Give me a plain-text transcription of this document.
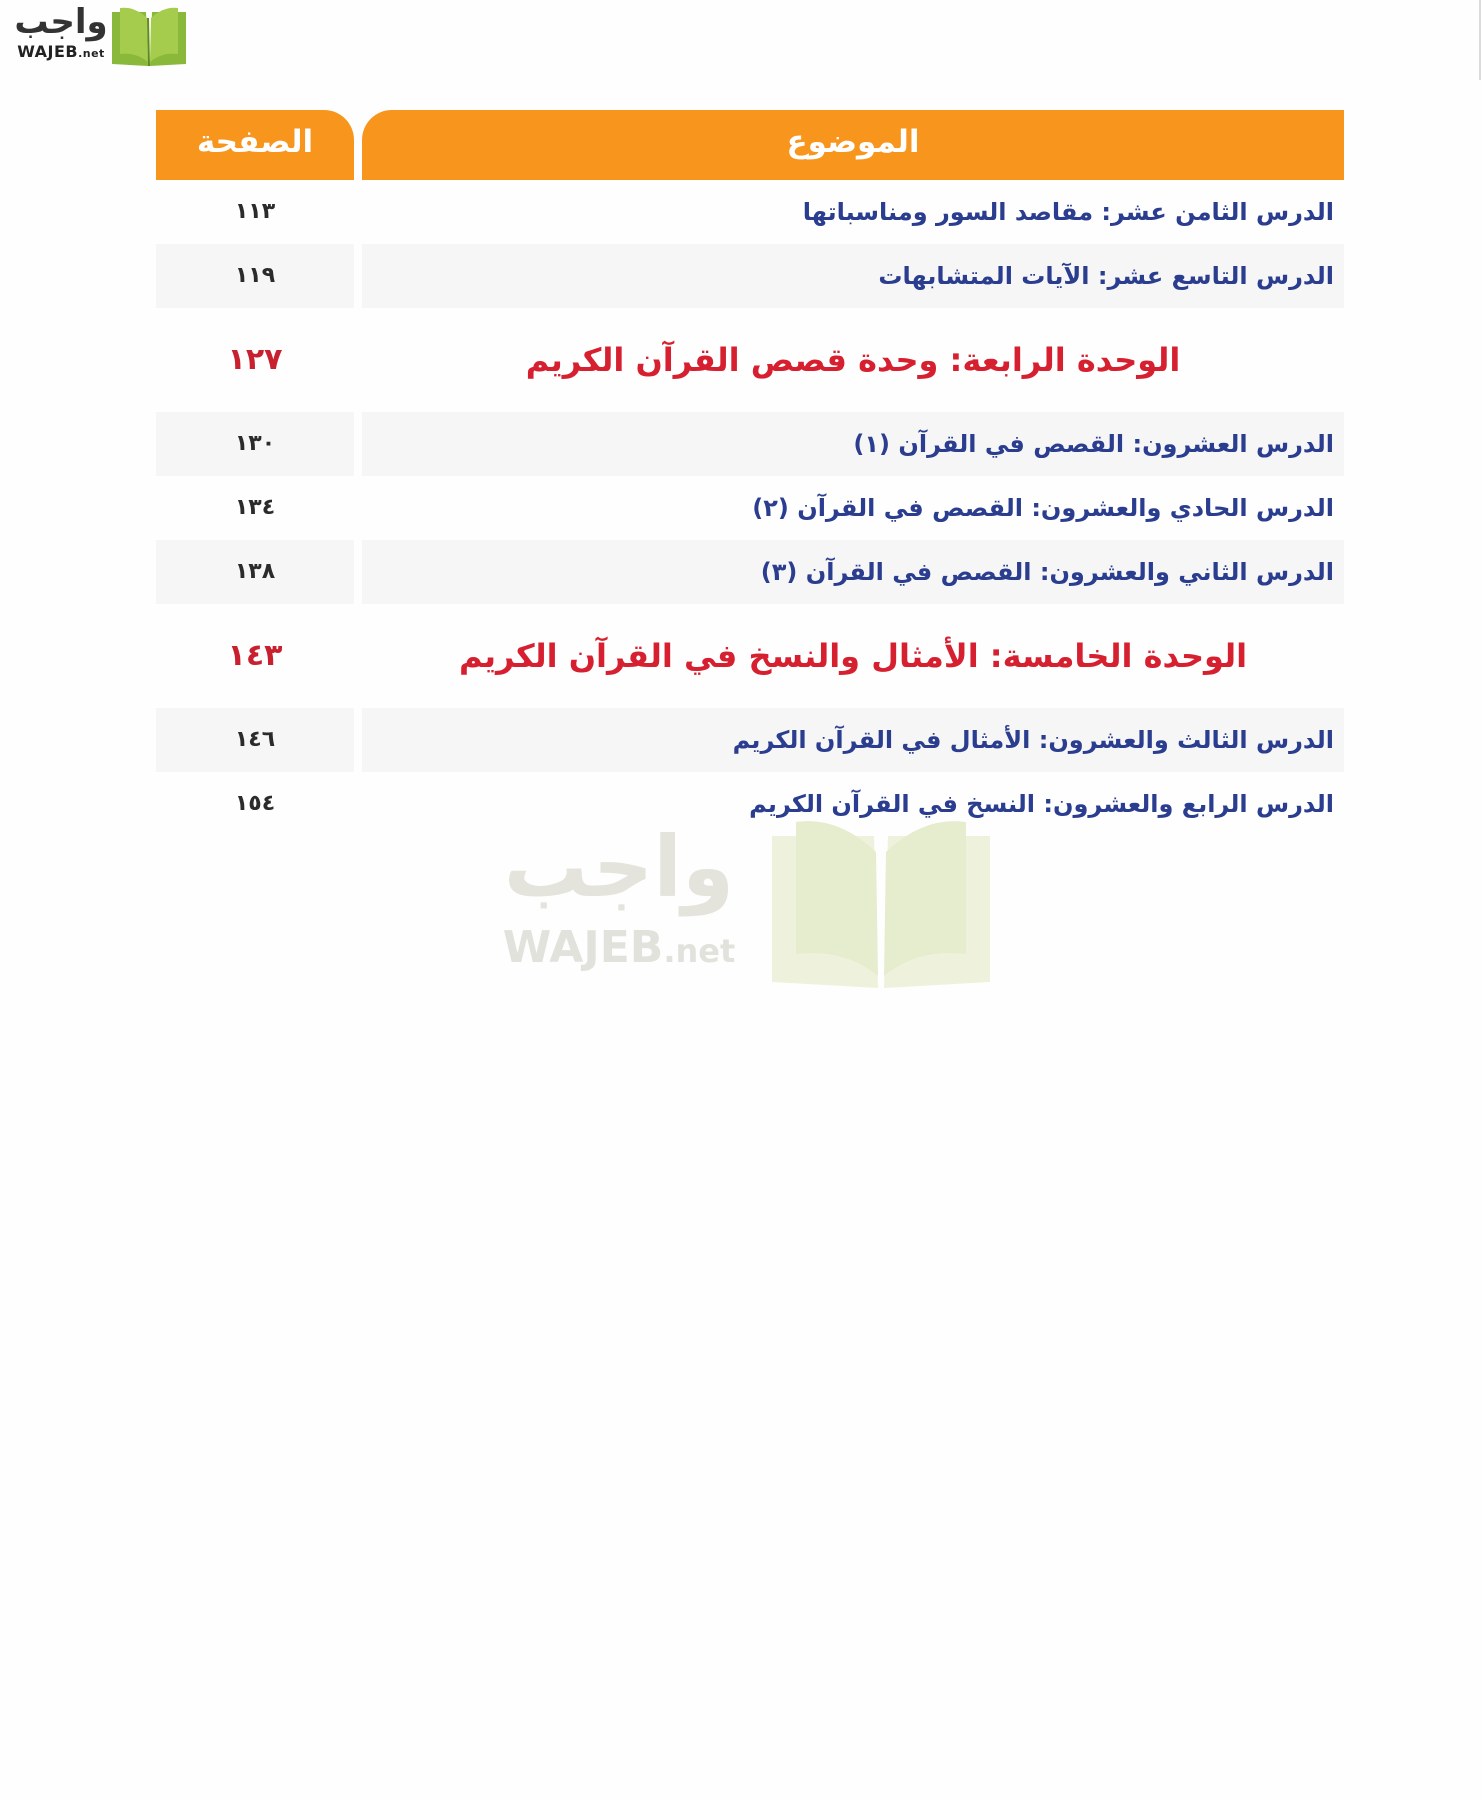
واجب
WAJEB.net
الصفحة	الموضوع
١١٣	الدرس الثامن عشر: مقاصد السور ومناسباتها
١١٩	الدرس التاسع عشر: الآيات المتشابهات
١٢٧	الوحدة الرابعة: وحدة قصص القرآن الكريم
١٣٠	الدرس العشرون: القصص في القرآن (١)
١٣٤	الدرس الحادي والعشرون: القصص في القرآن (٢)
١٣٨	الدرس الثاني والعشرون: القصص في القرآن (٣)
١٤٣	الوحدة الخامسة: الأمثال والنسخ في القرآن الكريم
١٤٦	الدرس الثالث والعشرون: الأمثال في القرآن الكريم
١٥٤	الدرس الرابع والعشرون: النسخ في القرآن الكريم
واجب
WAJEB.net
